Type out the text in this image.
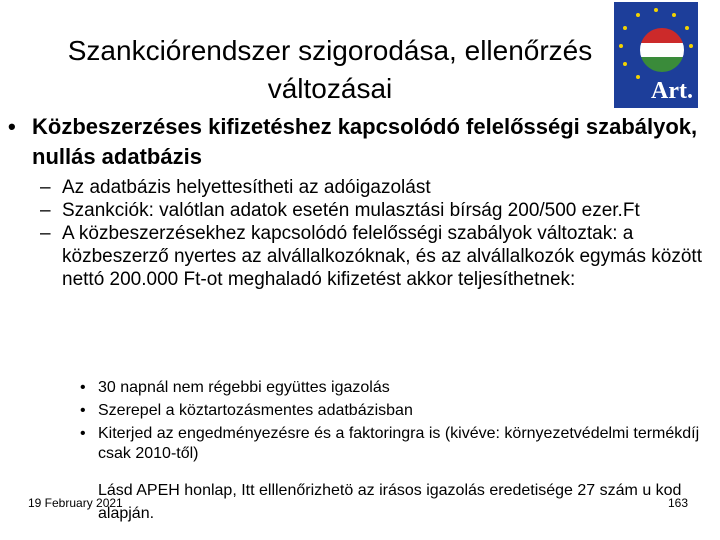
Szankciórendszer szigorodása, ellenőrzés változásai	Art.
• Közbeszerzéses kifizetéshez kapcsolódó felelősségi szabályok, nullás adatbázis
– Az adatbázis helyettesítheti az adóigazolást
– Szankciók: valótlan adatok esetén mulasztási bírság 200/500 ezer.Ft
– A közbeszerzésekhez kapcsolódó felelősségi szabályok változtak: a közbeszerző nyertes az alvállalkozóknak, és az alvállalkozók egymás között nettó 200.000 Ft-ot meghaladó kifizetést akkor teljesíthetnek:
• 30 napnál nem régebbi együttes igazolás
• Szerepel a köztartozásmentes adatbázisban
• Kiterjed az engedményezésre és a faktoringra is (kivéve: környezetvédelmi termékdíj csak 2010-től)
Lásd APEH honlap, Itt elllenőrizhetö az irásos igazolás eredetisége 27 szám u kod alapján.
19 February 2021	163
